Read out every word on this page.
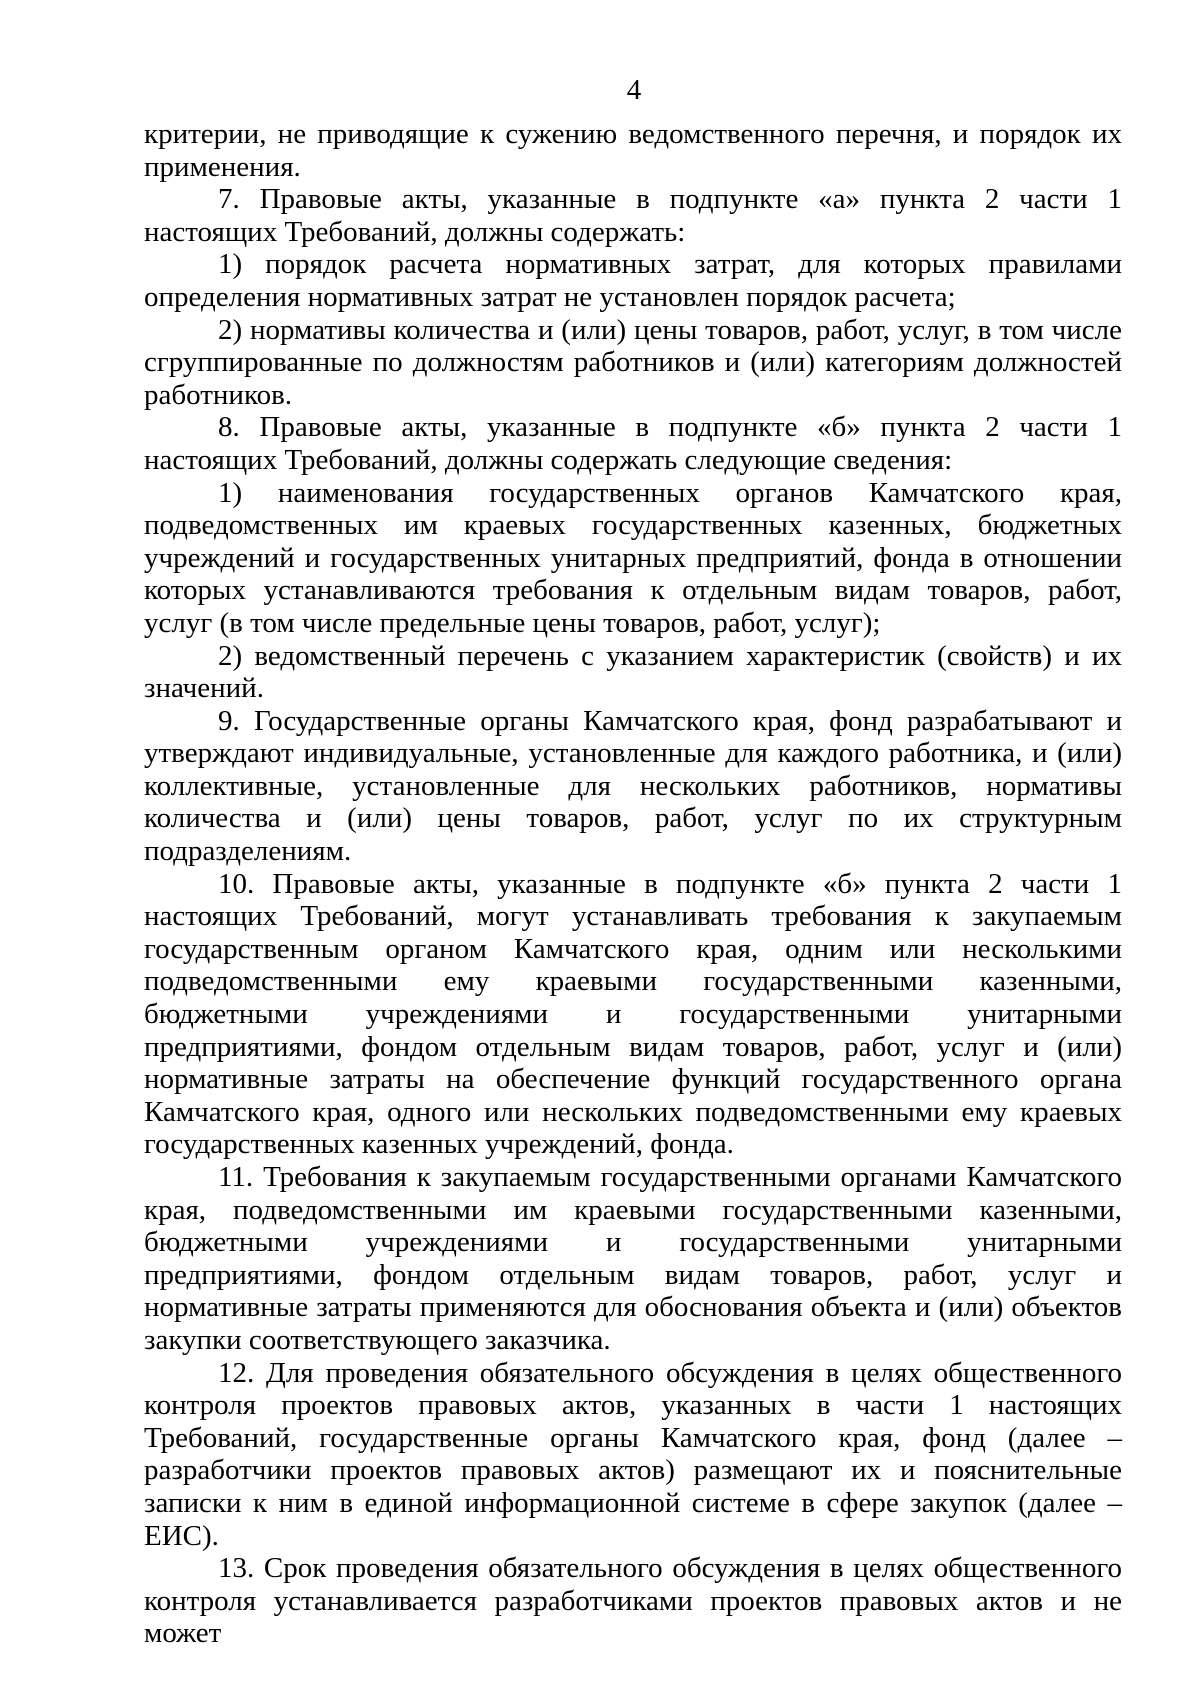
4

критерии, не приводящие к сужению ведомственного перечня, и порядок их применения.

7. Правовые акты, указанные в подпункте «а» пункта 2 части 1 настоящих Требований, должны содержать:

1) порядок расчета нормативных затрат, для которых правилами определения нормативных затрат не установлен порядок расчета;

2) нормативы количества и (или) цены товаров, работ, услуг, в том числе сгруппированные по должностям работников и (или) категориям должностей работников.

8. Правовые акты, указанные в подпункте «б» пункта 2 части 1 настоящих Требований, должны содержать следующие сведения:

1) наименования государственных органов Камчатского края, подведомственных им краевых государственных казенных, бюджетных учреждений и государственных унитарных предприятий, фонда в отношении которых устанавливаются требования к отдельным видам товаров, работ, услуг (в том числе предельные цены товаров, работ, услуг);

2) ведомственный перечень с указанием характеристик (свойств) и их значений.

9. Государственные органы Камчатского края, фонд разрабатывают и утверждают индивидуальные, установленные для каждого работника, и (или) коллективные, установленные для нескольких работников, нормативы количества и (или) цены товаров, работ, услуг по их структурным подразделениям.

10. Правовые акты, указанные в подпункте «б» пункта 2 части 1 настоящих Требований, могут устанавливать требования к закупаемым государственным органом Камчатского края, одним или несколькими подведомственными ему краевыми государственными казенными, бюджетными учреждениями и государственными унитарными предприятиями, фондом отдельным видам товаров, работ, услуг и (или) нормативные затраты на обеспечение функций государственного органа Камчатского края, одного или нескольких подведомственными ему краевых государственных казенных учреждений, фонда.

11. Требования к закупаемым государственными органами Камчатского края, подведомственными им краевыми государственными казенными, бюджетными учреждениями и государственными унитарными предприятиями, фондом отдельным видам товаров, работ, услуг и нормативные затраты применяются для обоснования объекта и (или) объектов закупки соответствующего заказчика.

12. Для проведения обязательного обсуждения в целях общественного контроля проектов правовых актов, указанных в части 1 настоящих Требований, государственные органы Камчатского края, фонд (далее – разработчики проектов правовых актов) размещают их и пояснительные записки к ним в единой информационной системе в сфере закупок (далее – ЕИС).

13. Срок проведения обязательного обсуждения в целях общественного контроля устанавливается разработчиками проектов правовых актов и не может
